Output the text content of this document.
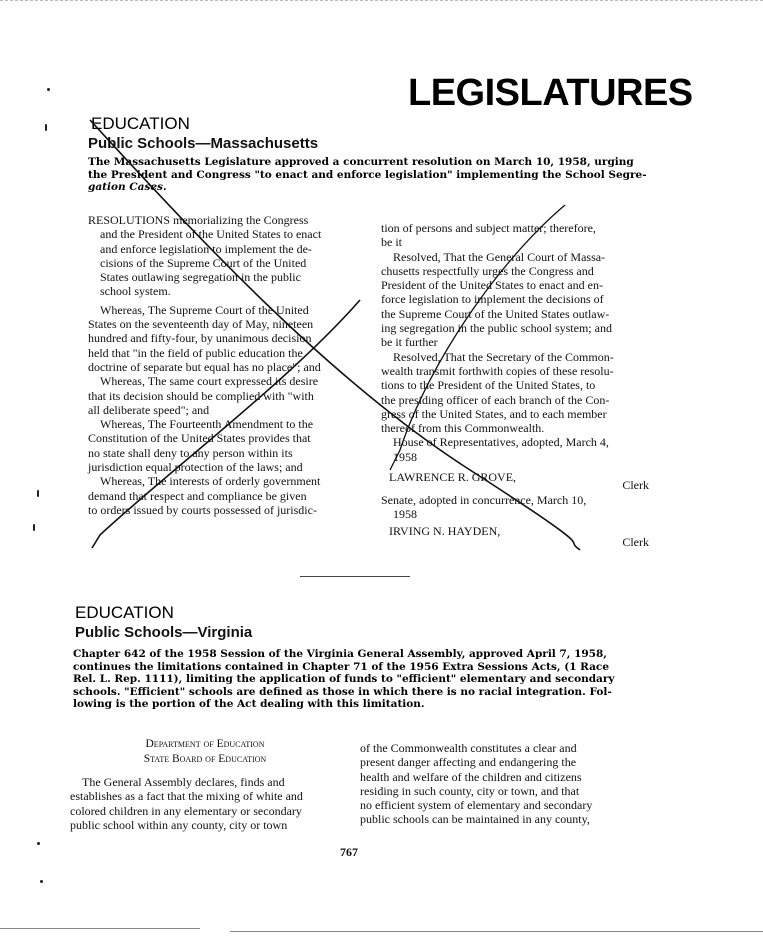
LEGISLATURES
EDUCATION
Public Schools—Massachusetts

The Massachusetts Legislature approved a concurrent resolution on March 10, 1958, urging

the President and Congress "to enact and enforce legislation" implementing the School Segre-

gation Cases.

RESOLUTIONS memorializing the Congress

and the President of the United States to enact

and enforce legislation to implement the de-

cisions of the Supreme Court of the United

States outlawing segregation in the public

school system.

Whereas, The Supreme Court of the United

States on the seventeenth day of May, nineteen

hundred and fifty-four, by unanimous decision

held that "in the field of public education the

doctrine of separate but equal has no place"; and

Whereas, The same court expressed its desire

that its decision should be complied with "with

all deliberate speed"; and

Whereas, The Fourteenth Amendment to the

Constitution of the United States provides that

no state shall deny to any person within its

jurisdiction equal protection of the laws; and

Whereas, The interests of orderly government

demand that respect and compliance be given

to orders issued by courts possessed of jurisdic-

tion of persons and subject matter; therefore,

be it

Resolved, That the General Court of Massa-

chusetts respectfully urges the Congress and

President of the United States to enact and en-

force legislation to implement the decisions of

the Supreme Court of the United States outlaw-

ing segregation in the public school system; and

be it further

Resolved, That the Secretary of the Common-

wealth transmit forthwith copies of these resolu-

tions to the President of the United States, to

the presiding officer of each branch of the Con-

gress of the United States, and to each member

thereof from this Commonwealth.

House of Representatives, adopted, March 4,

1958

LAWRENCE R. GROVE,

Clerk

Senate, adopted in concurrence, March 10,

1958

IRVING N. HAYDEN,

Clerk

EDUCATION
Public Schools—Virginia

Chapter 642 of the 1958 Session of the Virginia General Assembly, approved April 7, 1958,

continues the limitations contained in Chapter 71 of the 1956 Extra Sessions Acts, (1 Race

Rel. L. Rep. 1111), limiting the application of funds to "efficient" elementary and secondary

schools. "Efficient" schools are defined as those in which there is no racial integration. Fol-

lowing is the portion of the Act dealing with this limitation.

Department of Education
State Board of Education

The General Assembly declares, finds and

establishes as a fact that the mixing of white and

colored children in any elementary or secondary

public school within any county, city or town

of the Commonwealth constitutes a clear and

present danger affecting and endangering the

health and welfare of the children and citizens

residing in such county, city or town, and that

no efficient system of elementary and secondary

public schools can be maintained in any county,

767
